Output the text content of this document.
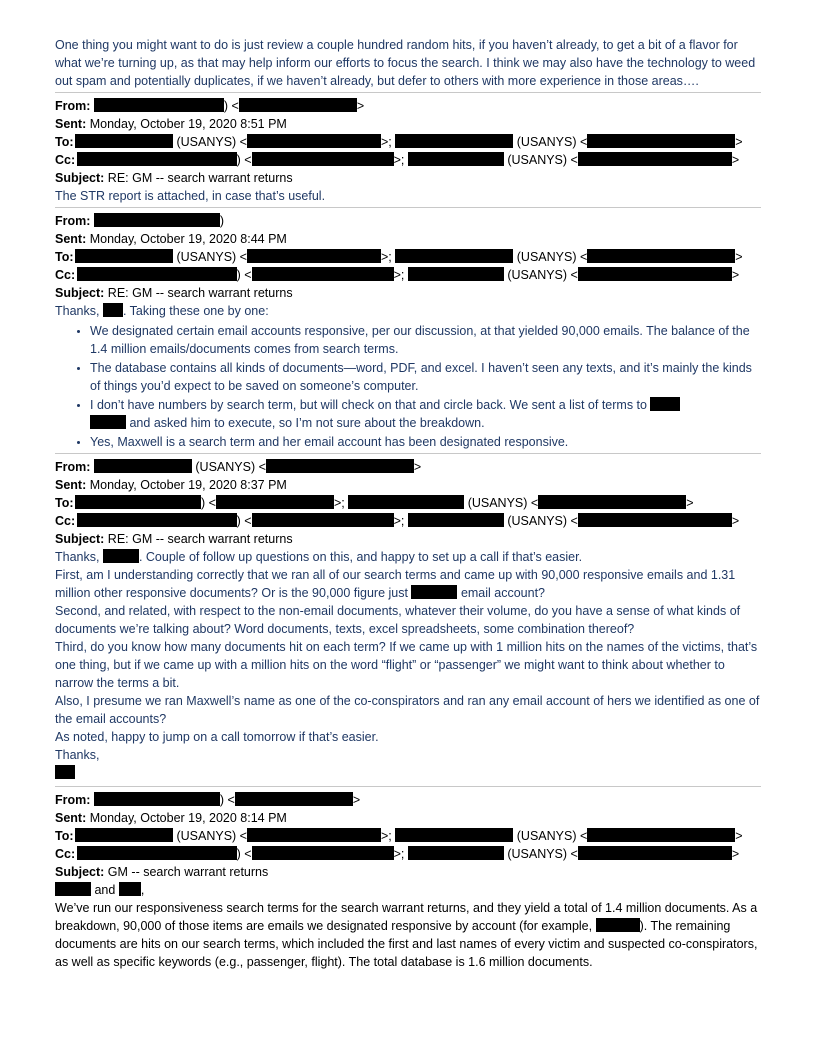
One thing you might want to do is just review a couple hundred random hits, if you haven’t already, to get a bit of a flavor for what we’re turning up, as that may help inform our efforts to focus the search. I think we may also have the technology to weed out spam and potentially duplicates, if we haven’t already, but defer to others with more experience in those areas….

From:	) <	>

Sent: Monday, October 19, 2020 8:51 PM

To:	(USANYS) <	>;	(USANYS) <	>

Cc:	) <	>;	(USANYS) <	>

Subject: RE: GM -- search warrant returns

The STR report is attached, in case that’s useful.

From:	)

Sent: Monday, October 19, 2020 8:44 PM

To:	(USANYS) <	>;	(USANYS) <	>

Cc:	) <	>;	(USANYS) <	>

Subject: RE: GM -- search warrant returns

Thanks, . Taking these one by one:

• We designated certain email accounts responsive, per our discussion, at that yielded 90,000 emails. The balance of the 1.4 million emails/documents comes from search terms.
• The database contains all kinds of documents—word, PDF, and excel. I haven’t seen any texts, and it’s mainly the kinds of things you’d expect to be saved on someone’s computer.
• I don’t have numbers by search term, but will check on that and circle back. We sent a list of terms to
and asked him to execute, so I’m not sure about the breakdown.
• Yes, Maxwell is a search term and her email account has been designated responsive.

From:	(USANYS) <	>

Sent: Monday, October 19, 2020 8:37 PM

To:	) <	>;	(USANYS) <	>

Cc:	) <	>;	(USANYS) <	>

Subject: RE: GM -- search warrant returns

Thanks,	. Couple of follow up questions on this, and happy to set up a call if that’s easier.

First, am I understanding correctly that we ran all of our search terms and came up with 90,000 responsive emails and 1.31 million other responsive documents? Or is the 90,000 figure just	email account?

Second, and related, with respect to the non-email documents, whatever their volume, do you have a sense of what kinds of documents we’re talking about? Word documents, texts, excel spreadsheets, some combination thereof?

Third, do you know how many documents hit on each term? If we came up with 1 million hits on the names of the victims, that’s one thing, but if we came up with a million hits on the word “flight” or “passenger” we might want to think about whether to narrow the terms a bit.

Also, I presume we ran Maxwell’s name as one of the co-conspirators and ran any email account of hers we identified as one of the email accounts?

As noted, happy to jump on a call tomorrow if that’s easier.

Thanks,

From:	) <	>

Sent: Monday, October 19, 2020 8:14 PM

To:	(USANYS) <	>;	(USANYS) <	>

Cc:	) <	>;	(USANYS) <	>

Subject: GM -- search warrant returns

and ,

We’ve run our responsiveness search terms for the search warrant returns, and they yield a total of 1.4 million documents. As a breakdown, 90,000 of those items are emails we designated responsive by account (for example,	). The remaining documents are hits on our search terms, which included the first and last names of every victim and suspected co-conspirators, as well as specific keywords (e.g., passenger, flight). The total database is 1.6 million documents.
